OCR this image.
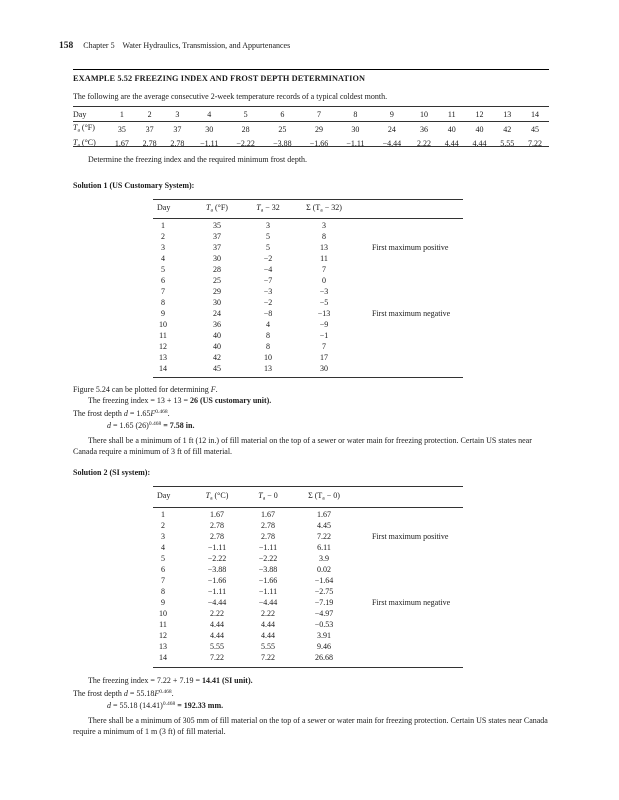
158 Chapter 5 Water Hydraulics, Transmission, and Appurtenances
EXAMPLE 5.52 FREEZING INDEX AND FROST DEPTH DETERMINATION
The following are the average consecutive 2-week temperature records of a typical coldest month.
Day	1	2	3	4	5	6	7	8	9	10	11	12	13	14
$T_a$ (°F)	35	37	37	30	28	25	29	30	24	36	40	40	42	45
$T_a$ (°C)	1.67	2.78	2.78	−1.11	−2.22	−3.88	−1.66	−1.11	−4.44	2.22	4.44	4.44	5.55	7.22
Determine the freezing index and the required minimum frost depth.
Solution 1 (US Customary System):
Day	$T_a$ (°F)	$T_a - 32$	Σ $(T_a - 32)$
1	35	3	3
2	37	5	8
3	37	5	13	First maximum positive
4	30	−2	11
5	28	−4	7
6	25	−7	0
7	29	−3	−3
8	30	−2	−5
9	24	−8	−13	First maximum negative
10	36	4	−9
11	40	8	−1
12	40	8	7
13	42	10	17
14	45	13	30
Figure 5.24 can be plotted for determining F.
The freezing index = 13 + 13 = 26 (US customary unit).
The frost depth $d = 1.65F^{0.468}$.
d = 1.65 $(26)^{0.468} = 7.58$ in.
There shall be a minimum of 1 ft (12 in.) of fill material on the top of a sewer or water main for freezing protection. Certain US states near Canada require a minimum of 3 ft of fill material.
Solution 2 (SI system):
Day	$T_a$ (°C)	$T_a - 0$	Σ $(T_a - 0)$
1	1.67	1.67	1.67
2	2.78	2.78	4.45
3	2.78	2.78	7.22	First maximum positive
4	−1.11	−1.11	6.11
5	−2.22	−2.22	3.9
6	−3.88	−3.88	0.02
7	−1.66	−1.66	−1.64
8	−1.11	−1.11	−2.75
9	−4.44	−4.44	−7.19	First maximum negative
10	2.22	2.22	−4.97
11	4.44	4.44	−0.53
12	4.44	4.44	3.91
13	5.55	5.55	9.46
14	7.22	7.22	26.68
The freezing index = 7.22 + 7.19 = 14.41 (SI unit).
The frost depth $d = 55.18F^{0.468}$.
d = 55.18 $(14.41)^{0.468} = 192.33$ mm.
There shall be a minimum of 305 mm of fill material on the top of a sewer or water main for freezing protection. Certain US states near Canada require a minimum of 1 m (3 ft) of fill material.
